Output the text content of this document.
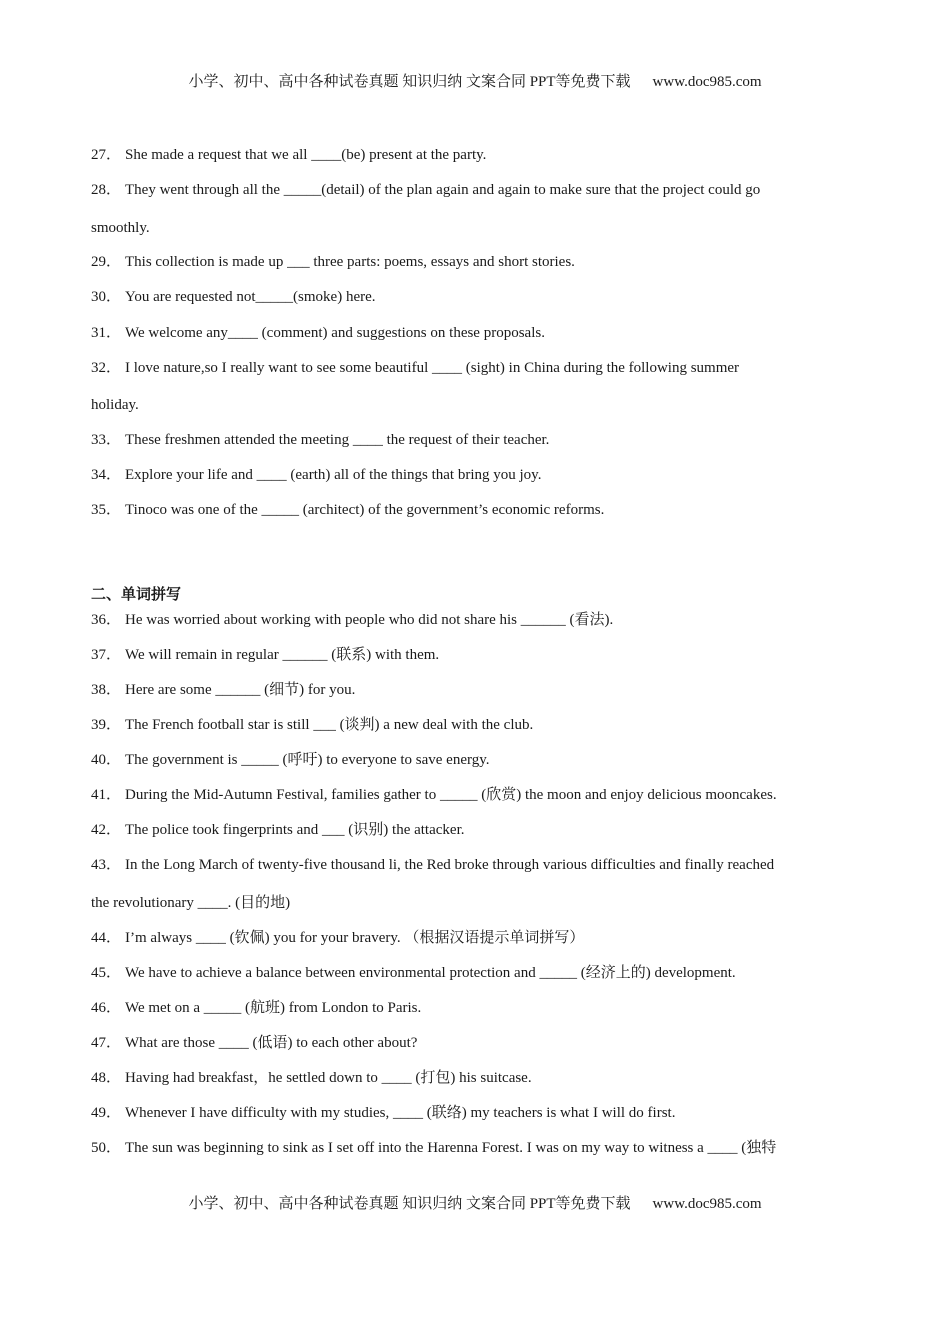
小学、初中、高中各种试卷真题 知识归纳 文案合同 PPT等免费下载 www.doc985.com
27． She made a request that we all ____(be) present at the party.
28． They went through all the _____(detail) of the plan again and again to make sure that the project could go
smoothly.
29． This collection is made up ___ three parts: poems, essays and short stories.
30． You are requested not_____(smoke) here.
31． We welcome any____ (comment) and suggestions on these proposals.
32． I love nature,so I really want to see some beautiful ____ (sight) in China during the following summer
holiday.
33． These freshmen attended the meeting ____ the request of their teacher.
34． Explore your life and ____ (earth) all of the things that bring you joy.
35． Tinoco was one of the _____ (architect) of the government’s economic reforms.
二、单词拼写
36． He was worried about working with people who did not share his ______ (看法).
37． We will remain in regular ______ (联系) with them.
38． Here are some ______ (细节) for you.
39． The French football star is still ___ (谈判) a new deal with the club.
40． The government is _____ (呼吁) to everyone to save energy.
41． During the Mid-Autumn Festival, families gather to _____ (欣赏) the moon and enjoy delicious mooncakes.
42． The police took fingerprints and ___ (识别) the attacker.
43． In the Long March of twenty-five thousand li, the Red broke through various difficulties and finally reached
the revolutionary ____. (目的地)
44． I’m always ____ (钦佩) you for your bravery. （根据汉语提示单词拼写）
45． We have to achieve a balance between environmental protection and _____ (经济上的) development.
46． We met on a _____ (航班) from London to Paris.
47． What are those ____ (低语) to each other about?
48． Having had breakfast，he settled down to ____ (打包) his suitcase.
49． Whenever I have difficulty with my studies, ____ (联络) my teachers is what I will do first.
50． The sun was beginning to sink as I set off into the Harenna Forest. I was on my way to witness a ____ (独特
小学、初中、高中各种试卷真题 知识归纳 文案合同 PPT等免费下载 www.doc985.com
